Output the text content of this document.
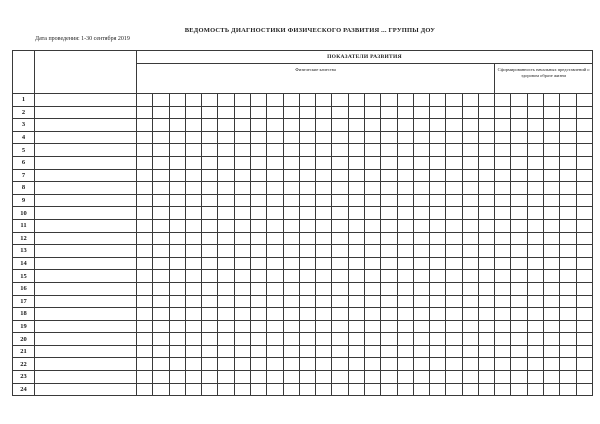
ВЕДОМОСТЬ ДИАГНОСТИКИ ФИЗИЧЕСКОГО РАЗВИТИЯ ... ГРУППЫ ДОУ
Дата проведения: 1-30 сентября 2019
		ПОКАЗАТЕЛИ РАЗВИТИЯ																											
		Физические качества																						Сформированность начальных представлений о здоровом образе жизни					
1																													
2																													
3																													
4																													
5																													
6																													
7																													
8																													
9																													
10																													
11																													
12																													
13																													
14																													
15																													
16																													
17																													
18																													
19																													
20																													
21																													
22																													
23																													
24																													
